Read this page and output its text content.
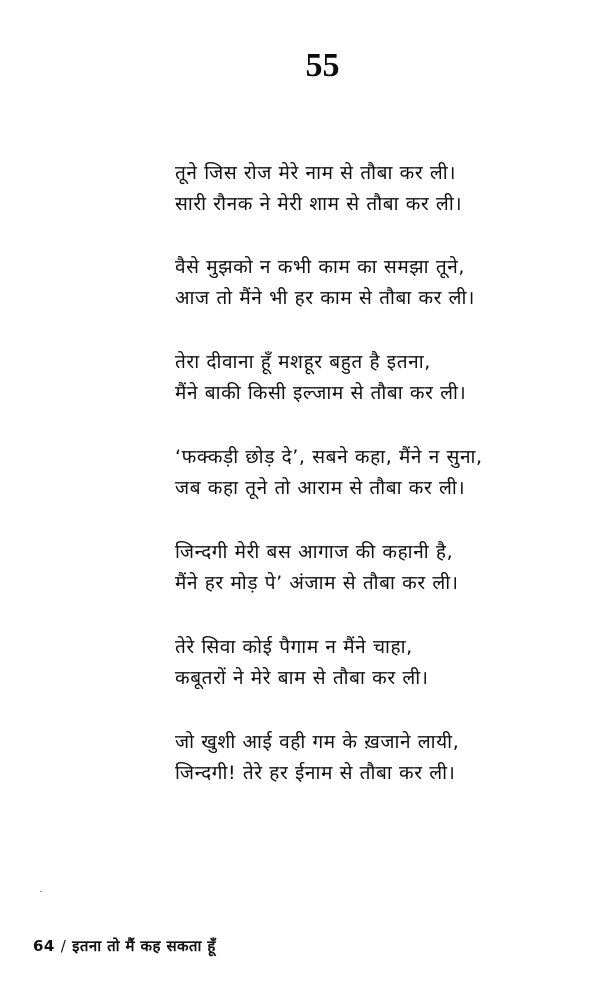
55
तूने जिस रोज मेरे नाम से तौबा कर ली।
सारी रौनक ने मेरी शाम से तौबा कर ली।
वैसे मुझको न कभी काम का समझा तूने,
आज तो मैंने भी हर काम से तौबा कर ली।
तेरा दीवाना हूँ मशहूर बहुत है इतना,
मैंने बाकी किसी इल्जाम से तौबा कर ली।
‘फक्कड़ी छोड़ दे’, सबने कहा, मैंने न सुना,
जब कहा तूने तो आराम से तौबा कर ली।
जिन्दगी मेरी बस आगाज की कहानी है,
मैंने हर मोड़ पे’ अंजाम से तौबा कर ली।
तेरे सिवा कोई पैगाम न मैंने चाहा,
कबूतरों ने मेरे बाम से तौबा कर ली।
जो खुशी आई वही गम के ख़जाने लायी,
जिन्दगी! तेरे हर ईनाम से तौबा कर ली।
64 / इतना तो मैं कह सकता हूँ
